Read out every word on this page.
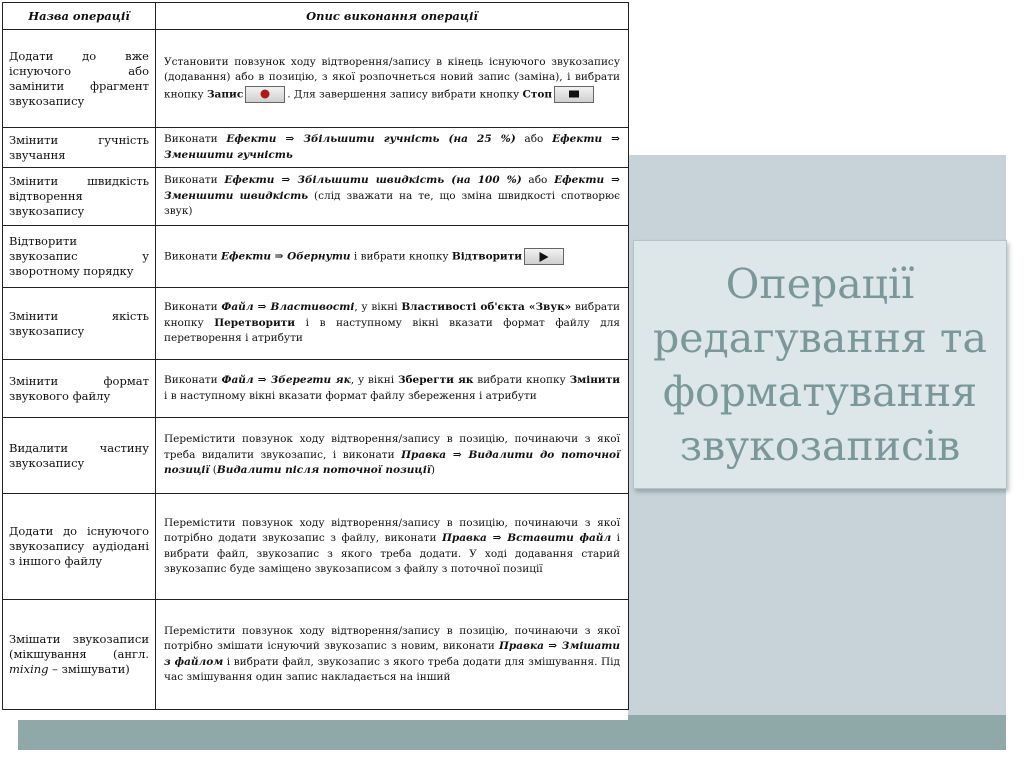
Операції
редагування та
форматування
звукозаписів
Назва операції	Опис виконання операції
Додати до вже існуючого або замінити фрагмент звукозапису	Установити повзунок ходу відтворення/запису в кінець існуючого звукозапису (додавання) або в позицію, з якої розпочнеться новий запис (заміна), і вибрати кнопку Запис . Для завершення запису вибрати кнопку Стоп

Змінити гучність звучання	Виконати Ефекти ⇒ Збільшити гучність (на 25 %) або Ефекти ⇒ Зменшити гучність
Змінити швидкість відтворення звукозапису	Виконати Ефекти ⇒ Збільшити швидкість (на 100 %) або Ефекти ⇒ Зменшити швидкість (слід зважати на те, що зміна швидкості спотворює звук)
Відтворити звукозапис у зворотному порядку	Виконати Ефекти ⇒ Обернути і вибрати кнопку Відтворити

Змінити якість звукозапису	Виконати Файл ⇒ Властивості, у вікні Властивості об'єкта «Звук» вибрати кнопку Перетворити і в наступному вікні вказати формат файлу для перетворення і атрибути
Змінити формат звукового файлу	Виконати Файл ⇒ Зберегти як, у вікні Зберегти як вибрати кнопку Змінити і в наступному вікні вказати формат файлу збереження і атрибути
Видалити частину звукозапису	Перемістити повзунок ходу відтворення/запису в позицію, починаючи з якої треба видалити звукозапис, і виконати Правка ⇒ Видалити до поточної позиції (Видалити після поточної позиції)
Додати до існуючого звукозапису аудіодані з іншого файлу	Перемістити повзунок ходу відтворення/запису в позицію, починаючи з якої потрібно додати звукозапис з файлу, виконати Правка ⇒ Вставити файл і вибрати файл, звукозапис з якого треба додати. У ході додавання старий звукозапис буде заміщено звукозаписом з файлу з поточної позиції
Змішати звукозаписи (мікшування (англ. mixing – змішувати)	Перемістити повзунок ходу відтворення/запису в позицію, починаючи з якої потрібно змішати існуючий звукозапис з новим, виконати Правка ⇒ Змішати з файлом і вибрати файл, звукозапис з якого треба додати для змішування. Під час змішування один запис накладається на інший
